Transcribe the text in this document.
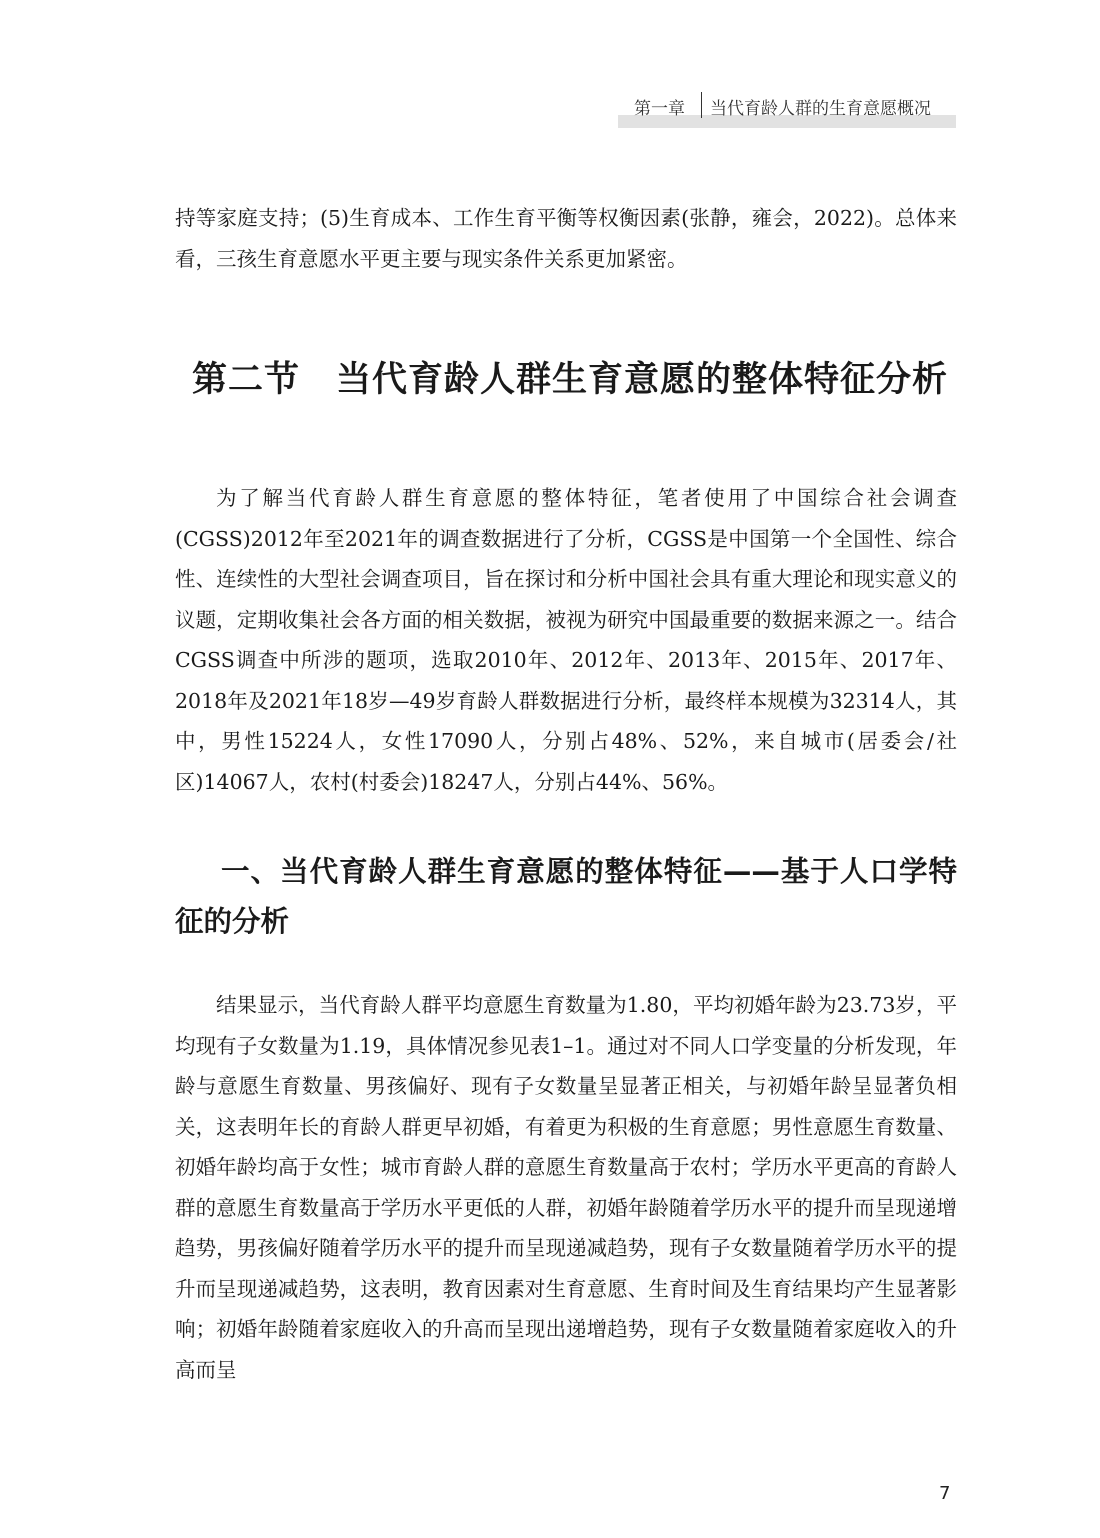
第一章 当代育龄人群的生育意愿概况

持等家庭支持；(5)生育成本、工作生育平衡等权衡因素(张静，雍会，2022)。总体来看，三孩生育意愿水平更主要与现实条件关系更加紧密。

第二节　当代育龄人群生育意愿的整体特征分析

为了解当代育龄人群生育意愿的整体特征，笔者使用了中国综合社会调查(CGSS)2012年至2021年的调查数据进行了分析，CGSS是中国第一个全国性、综合性、连续性的大型社会调查项目，旨在探讨和分析中国社会具有重大理论和现实意义的议题，定期收集社会各方面的相关数据，被视为研究中国最重要的数据来源之一。结合CGSS调查中所涉的题项，选取2010年、2012年、2013年、2015年、2017年、2018年及2021年18岁—49岁育龄人群数据进行分析，最终样本规模为32314人，其中，男性15224人，女性17090人，分别占48%、52%，来自城市(居委会/社区)14067人，农村(村委会)18247人，分别占44%、56%。

一、当代育龄人群生育意愿的整体特征——基于人口学特征的分析

结果显示，当代育龄人群平均意愿生育数量为1.80，平均初婚年龄为23.73岁，平均现有子女数量为1.19，具体情况参见表1–1。通过对不同人口学变量的分析发现，年龄与意愿生育数量、男孩偏好、现有子女数量呈显著正相关，与初婚年龄呈显著负相关，这表明年长的育龄人群更早初婚，有着更为积极的生育意愿；男性意愿生育数量、初婚年龄均高于女性；城市育龄人群的意愿生育数量高于农村；学历水平更高的育龄人群的意愿生育数量高于学历水平更低的人群，初婚年龄随着学历水平的提升而呈现递增趋势，男孩偏好随着学历水平的提升而呈现递减趋势，现有子女数量随着学历水平的提升而呈现递减趋势，这表明，教育因素对生育意愿、生育时间及生育结果均产生显著影响；初婚年龄随着家庭收入的升高而呈现出递增趋势，现有子女数量随着家庭收入的升高而呈

7
